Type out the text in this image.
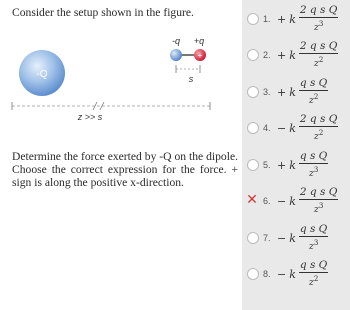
Consider the setup shown in the figure.
-Q
-q +q
+
s
z >> s
Determine the force exerted by -Q on the dipole. Choose the correct expression for the force. + sign is along the positive x-direction.
1. + k $\frac{\text{2 q s Q}}{z^3}$
2. + k $\frac{\text{2 q s Q}}{z^2}$
3. + k $\frac{\text{q s Q}}{z^2}$
4. − k $\frac{\text{2 q s Q}}{z^2}$
5. + k $\frac{\text{q s Q}}{z^3}$
✕ 6. − k $\frac{\text{2 q s Q}}{z^3}$
7. − k $\frac{\text{q s Q}}{z^3}$
8. − k $\frac{\text{q s Q}}{z^2}$
